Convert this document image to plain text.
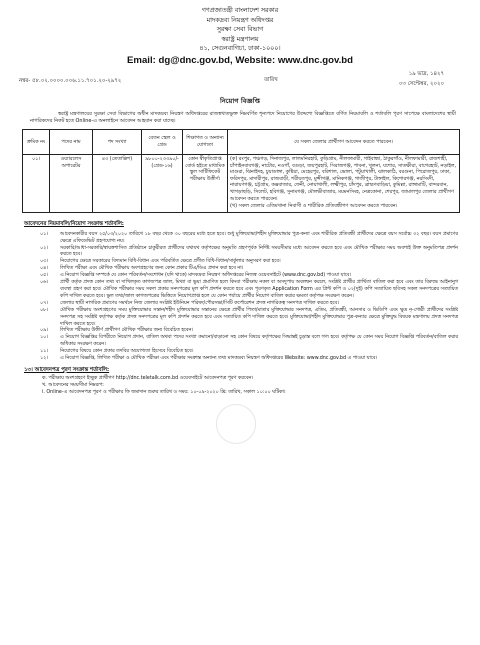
গণপ্রজাতন্ত্রী বাংলাদেশ সরকার
মাদকদ্রব্য নিয়ন্ত্রণ অধিদপ্তর
সুরক্ষা সেবা বিভাগ
স্বরাষ্ট্র মন্ত্রণালয়
৪১, সেগুনবাগিচা, ঢাকা-১০০০।
Email: dg@dnc.gov.bd, Website: www.dnc.gov.bd
নম্বর- ৫৮.০২.০০০০.০০৬.১১.৭০১.২০-২৯৭২	তারিখ
১৯ ভাদ্র, ১৪২৭
০৩ সেপ্টেম্বর, ২০২০
নিয়োগ বিজ্ঞপ্তি
স্বরাষ্ট্র মন্ত্রণালয়ের সুরক্ষা সেবা বিভাগের অধীন মাদকদ্রব্য নিয়ন্ত্রণ অধিদপ্তরের রাজস্বখাতভুক্ত নিম্নবর্ণিত শূন্যপদে নিয়োগের উদ্দেশ্যে বিজ্ঞপ্তিতে বর্ণিত নিয়মাবলি ও শর্তাবলি পূরণ সাপেক্ষে বাংলাদেশের স্থায়ী নাগরিকদের নিকট হতে Online-এ অনলাইনে আবেদন আহবান করা যাচ্ছে।
ক্রমিক নং	পদের নাম	পদ সংখ্যা	বেতন স্কেল ও গ্রেড	শিক্ষাগত ও অন্যান্য যোগ্যতা	যে সকল জেলার প্রার্থীগণ আবেদন করতে পারবেন।
০১।	ওয়্যারলেস অপারেটর	৪৩ (তেতাল্লিশ)	৯৮০০-২৩৩৯০/- (গ্রেড-১৬)	কোন স্বীকৃতিপ্রাপ্ত বোর্ড হইতে মাধ্যমিক স্কুল সার্টিফিকেট পরীক্ষায় উত্তীর্ণ।	(ক) রংপুর, পঞ্চগড়, দিনাজপুর, লালমনিরহাট, কুড়িগ্রাম, নীলফামারী, গাইবান্ধা, ঠাকুরগাঁও, নীলফামারী, রাজশাহী, চাঁপাইনবাবগঞ্জ, নাটোর, নওগাঁ, বগুড়া, জয়পুরহাট, সিরাজগঞ্জ, পাবনা, খুলনা, যশোর, সাতক্ষীরা, বাগেরহাট, নড়াইল, মাগুরা, ঝিনাইদহ, চুয়াডাঙ্গা, কুষ্টিয়া, মেহেরপুর, বরিশাল, ভোলা, পটুয়াখালী, ঝালকাঠি, বরগুনা, পিরোজপুর, ঢাকা, ফরিদপুর, মাদারীপুর, রাজবাড়ী, শরীয়তপুর, মুন্সীগঞ্জ, মানিকগঞ্জ, গাজীপুর, টাঙ্গাইল, কিশোরগঞ্জ, নরসিংদী, নারায়ণগঞ্জ, চট্টগ্রাম, কক্সবাজার, ফেনী, নোয়াখালী, লক্ষ্মীপুর, চাঁদপুর, ব্রাহ্মণবাড়িয়া, কুমিল্লা, রাঙ্গামাটি, বান্দরবান, খাগড়াছড়ি, সিলেট, হবিগঞ্জ, সুনামগঞ্জ, মৌলভীবাজার, ময়মনসিংহ, নেত্রকোনা, শেরপুর, জামালপুর জেলার প্রার্থীগণ আবেদন করতে পারবেন।

(খ) সকল জেলার এতিমখানা নিবাসী ও শারীরিক প্রতিবন্ধীগণ আবেদন করতে পারবেন।

আবেদনের নিয়মাবলি/নিয়োগ সংক্রান্ত শর্তাবলি:
০১।	আবেদনকারীর বয়স ২৫/০৩/২০২০ তারিখে ১৮ বছর থেকে ৩০ বছরের মধ্যে হতে হবে। শুধু মুক্তিযোদ্ধা/শহীদ মুক্তিযোদ্ধার পুত্র-কন্যা এবং শারীরিক প্রতিবন্ধী প্রার্থীদের ক্ষেত্রে বয়স সর্বোচ্চ ৩২ বছর। বয়স প্রমাণের ক্ষেত্রে এফিডেভিট গ্রহণযোগ্য নয়।
০২।	সরকারি/আধা-সরকারি/স্বায়ত্তশাসিত প্রতিষ্ঠানে চাকুরীরত প্রার্থীদের যথাযথ কর্তৃপক্ষের অনুমতি গ্রহণপূর্বক নির্দিষ্ট সময়সীমার মধ্যে আবেদন করতে হবে এবং মৌখিক পরীক্ষার সময় অবশ্যই উক্ত অনুমতিপত্র প্রদর্শন করতে হবে।
০৩।	নিয়োগের ক্ষেত্রে সরকারের বিদ্যমান বিধি-বিধান এবং পরিবর্তিত ক্ষেত্রে প্রণীত বিধি-বিধান/সার্কুলার অনুসরণ করা হবে।
০৪।	লিখিত পরীক্ষা এবং মৌখিক পরীক্ষায় অংশগ্রহণের জন্য কোন প্রকার টিএ/ডিএ প্রদান করা হবে না।
০৫।	এ নিয়োগ বিজ্ঞপ্তি সম্পর্কে যে কোন পরিবর্তন/সংশোধন (যদি থাকে) মাদকদ্রব্য নিয়ন্ত্রণ অধিদপ্তরের নিজস্ব ওয়েবসাইটে (www.dnc.gov.bd) পাওয়া যাবে।
০৬।	প্রার্থী কর্তৃক প্রদত্ত কোন তথ্য বা দাখিলকৃত কাগজপত্র জাল, মিথ্যা বা ভুয়া প্রমাণিত হলে কিংবা পরীক্ষায় নকল বা অসদুপায় অবলম্বন করলে, সংশ্লিষ্ট প্রার্থীর প্রার্থিতা বাতিল করা হবে এবং তার বিরুদ্ধে আইনানুগ ব্যবস্থা গ্রহণ করা হবে। মৌখিক পরীক্ষার সময় সকল প্রকার সনদপত্রের মূল কপি প্রদর্শন করতে হবে এবং পূরণকৃত Application Form এর প্রিন্ট কপি ও ০২(দুই) কপি সত্যায়িত ছবিসহ সকল সনদপত্রের সত্যায়িত কপি দাখিল করতে হবে। ভুল তথ্য/জাল কাগজপত্রের ভিত্তিতে নিয়োগপ্রাপ্ত হলে যে কোন পর্যায়ে প্রার্থীর নিয়োগ বাতিল করার ক্ষমতা কর্তৃপক্ষ সংরক্ষণ করেন।
০৭।	জেলার স্থায়ী নাগরিক প্রমাণের সমর্থনে নিজ জেলার সংশ্লিষ্ট ইউনিয়ন পরিষদ/পৌরসভা/সিটি কর্পোরেশন প্রদত্ত নাগরিকত্ব সনদপত্র দাখিল করতে হবে।
০৮।	মৌখিক পরীক্ষায় অংশগ্রহণের সময় মুক্তিযোদ্ধার সন্তান/শহীদ মুক্তিযোদ্ধার সন্তানের ক্ষেত্রে প্রার্থীর পিতা/মাতার মুক্তিযোদ্ধার সনদপত্র, এতিম, প্রতিবন্ধী, আনসার ও ভিডিপি এবং ক্ষুদ্র নৃ-গোষ্ঠী প্রার্থীদের সংশ্লিষ্ট সনদপত্র সহ সংশ্লিষ্ট কর্তৃপক্ষ কর্তৃক প্রদত্ত সনদপত্রের মূল কপি প্রদর্শন করতে হবে এবং সত্যায়িত কপি দাখিল করতে হবে। মুক্তিযোদ্ধা/শহীদ মুক্তিযোদ্ধার পুত্র-কন্যার ক্ষেত্রে মুক্তিযুদ্ধ বিষয়ক মন্ত্রণালয় প্রদত্ত সনদপত্র দাখিল করতে হবে।
০৯।	লিখিত পরীক্ষায় উত্তীর্ণ প্রার্থীগণ মৌখিক পরীক্ষার জন্য বিবেচিত হবেন।
১০।	এ নিয়োগ বিজ্ঞপ্তির বিপরীতে নিয়োগ প্রদান, বাতিল অথবা পদের সংখ্যা কমানো/বাড়ানো সহ কোন বিষয়ে কর্তৃপক্ষের সিদ্ধান্তই চূড়ান্ত বলে গণ্য হবে। কর্তৃপক্ষ যে কোন সময় নিয়োগ বিজ্ঞপ্তি পরিবর্তন/বাতিল করার অধিকার সংরক্ষণ করেন।
১১।	নিয়োগের বিষয়ে কোন প্রকার তদবির অযোগ্যতা হিসেবে বিবেচিত হবে।
১২।	এ নিয়োগ বিজ্ঞপ্তি, লিখিত পরীক্ষা ও মৌখিক পরীক্ষা এবং পরীক্ষার সংক্রান্ত অন্যান্য তথ্য মাদকদ্রব্য নিয়ন্ত্রণ অধিদপ্তরের Website: www.dnc.gov.bd এ পাওয়া যাবে।
১৩। আবেদনপত্র পূরণ সংক্রান্ত শর্তাবলি:
ক. পরীক্ষায় অংশগ্রহণে ইচ্ছুক প্রার্থীগণ http://dnc.teletalk.com.bd ওয়েবসাইটে আবেদনপত্র পূরণ করবেন।
খ. আবেদনের সময়সীমা নিম্নরূপ:
i. Online-এ আবেদনপত্র পূরণ ও পরীক্ষার ফি জমাদান শুরুর তারিখ ও সময়: ১০-০৯-২০২০ খ্রি: তারিখ, সকাল ১০:০০ ঘটিকা।
